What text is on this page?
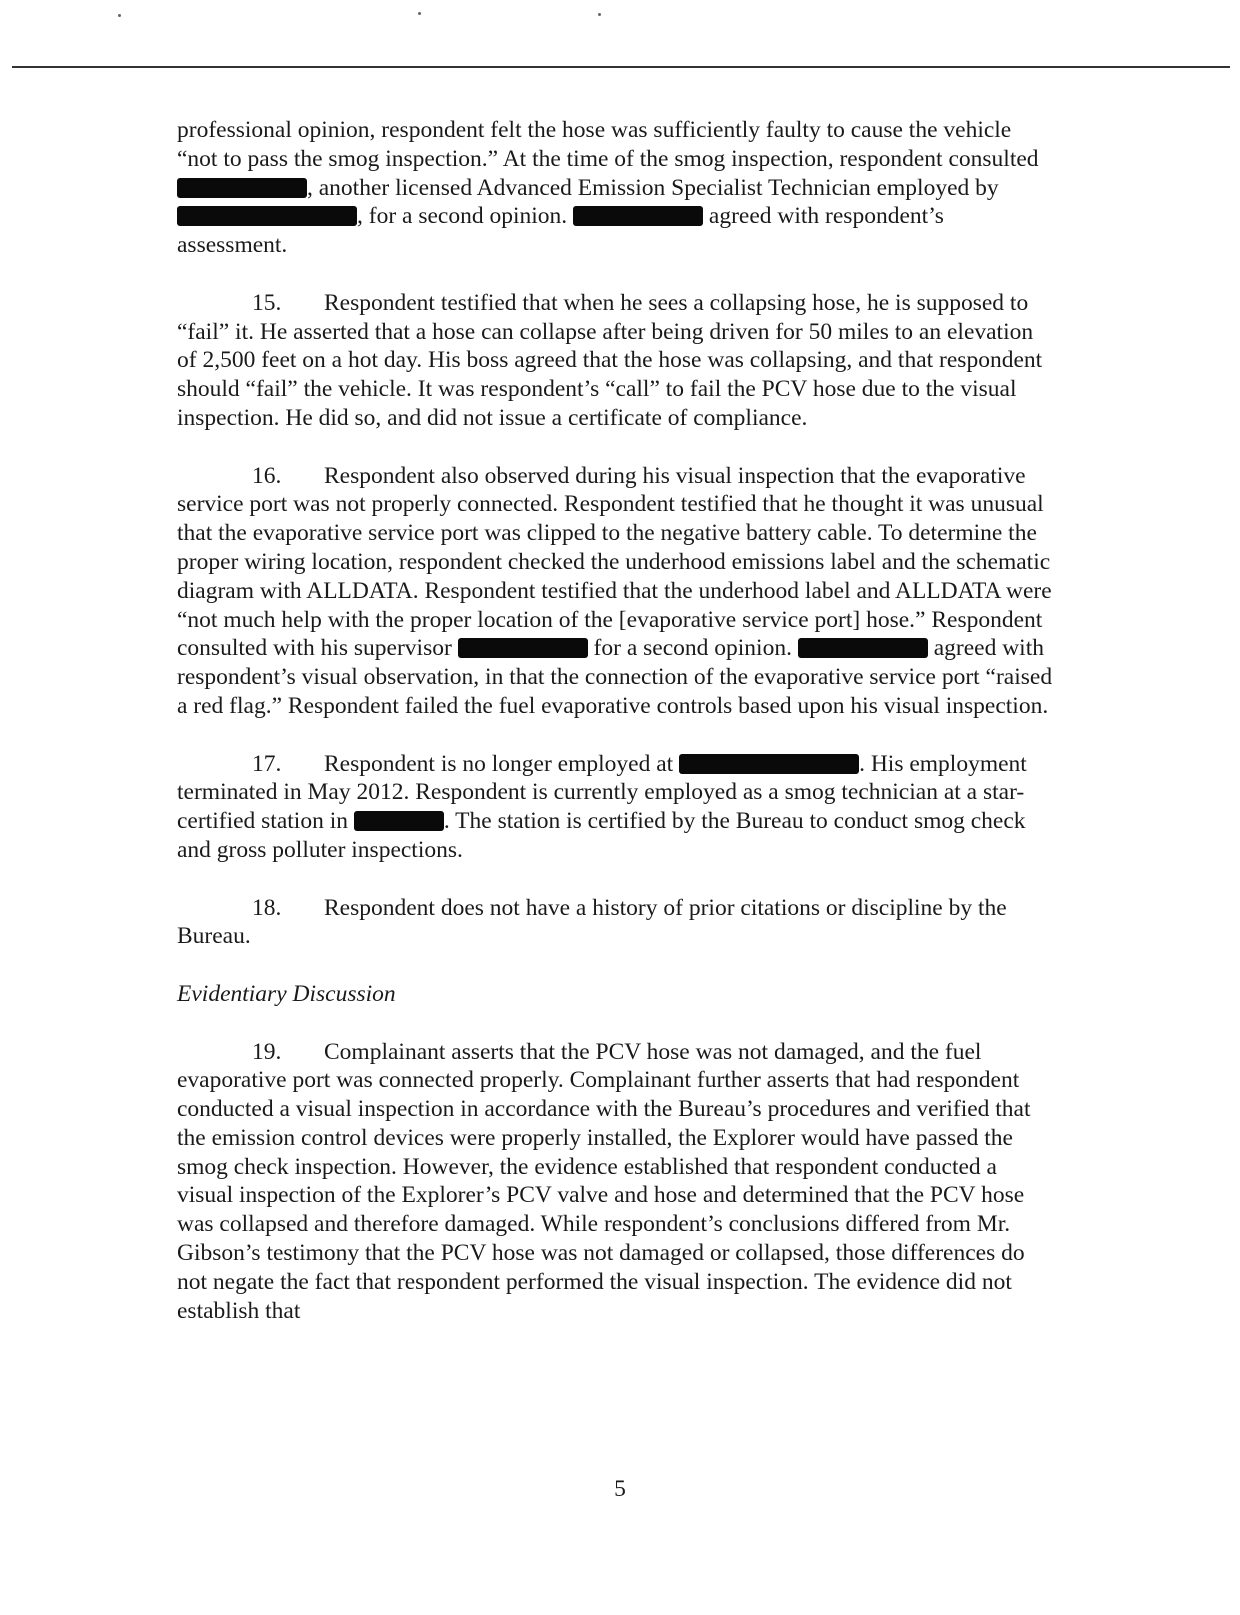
professional opinion, respondent felt the hose was sufficiently faulty to cause the vehicle “not to pass the smog inspection.” At the time of the smog inspection, respondent consulted , another licensed Advanced Emission Specialist Technician employed by , for a second opinion.	agreed with respondent’s assessment.

15. Respondent testified that when he sees a collapsing hose, he is supposed to “fail” it. He asserted that a hose can collapse after being driven for 50 miles to an elevation of 2,500 feet on a hot day. His boss agreed that the hose was collapsing, and that respondent should “fail” the vehicle. It was respondent’s “call” to fail the PCV hose due to the visual inspection. He did so, and did not issue a certificate of compliance.

16. Respondent also observed during his visual inspection that the evaporative service port was not properly connected. Respondent testified that he thought it was unusual that the evaporative service port was clipped to the negative battery cable. To determine the proper wiring location, respondent checked the underhood emissions label and the schematic diagram with ALLDATA. Respondent testified that the underhood label and ALLDATA were “not much help with the proper location of the [evaporative service port] hose.” Respondent consulted with his supervisor	for a second opinion.	agreed with respondent’s visual observation, in that the connection of the evaporative service port “raised a red flag.” Respondent failed the fuel evaporative controls based upon his visual inspection.

17. Respondent is no longer employed at	. His employment terminated in May 2012. Respondent is currently employed as a smog technician at a star-certified station in	. The station is certified by the Bureau to conduct smog check and gross polluter inspections.

18. Respondent does not have a history of prior citations or discipline by the Bureau.

Evidentiary Discussion

19. Complainant asserts that the PCV hose was not damaged, and the fuel evaporative port was connected properly. Complainant further asserts that had respondent conducted a visual inspection in accordance with the Bureau’s procedures and verified that the emission control devices were properly installed, the Explorer would have passed the smog check inspection. However, the evidence established that respondent conducted a visual inspection of the Explorer’s PCV valve and hose and determined that the PCV hose was collapsed and therefore damaged. While respondent’s conclusions differed from Mr. Gibson’s testimony that the PCV hose was not damaged or collapsed, those differences do not negate the fact that respondent performed the visual inspection. The evidence did not establish that

5
